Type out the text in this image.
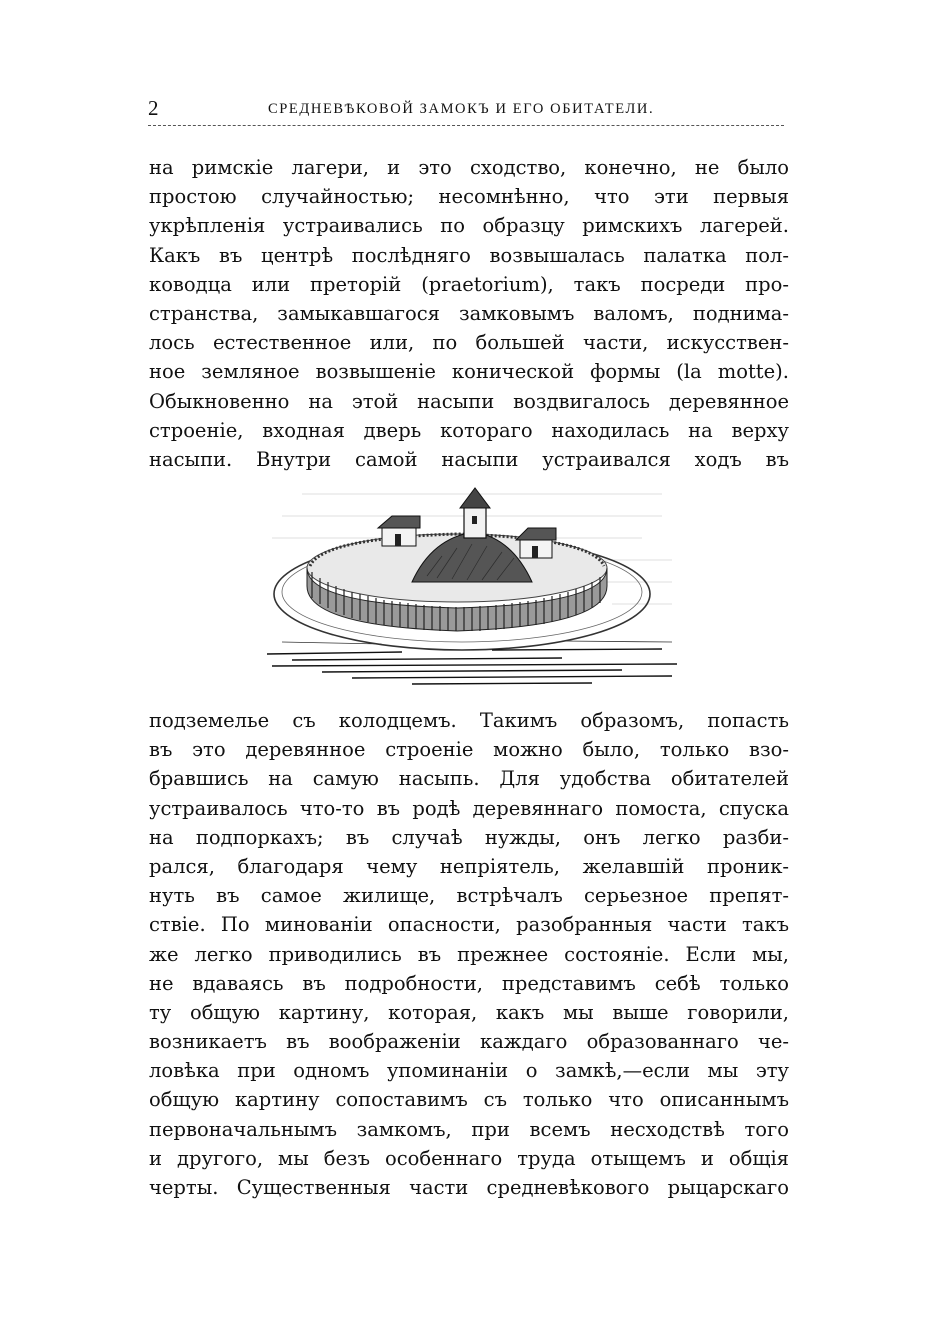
2	СРЕДНЕВѢКОВОЙ ЗАМОКЪ И ЕГО ОБИТАТЕЛИ.
на римскіе лагери, и это сходство, конечно, не было
простою случайностью; несомнѣнно, что эти первыя
укрѣпленія устраивались по образцу римскихъ лагерей.
Какъ въ центрѣ послѣдняго возвышалась палатка пол-
ководца или преторій (praetorium), такъ посреди про-
странства, замыкавшагося замковымъ валомъ, поднима-
лось естественное или, по большей части, искусствен-
ное земляное возвышеніе конической формы (la motte).
Обыкновенно на этой насыпи воздвигалось деревянное
строеніе, входная дверь котораго находилась на верху
насыпи. Внутри самой насыпи устраивался ходъ въ
подземелье съ колодцемъ. Такимъ образомъ, попасть
въ это деревянное строеніе можно было, только взо-
бравшись на самую насыпь. Для удобства обитателей
устраивалось что-то въ родѣ деревяннаго помоста, спуска
на подпоркахъ; въ случаѣ нужды, онъ легко разби-
рался, благодаря чему непріятель, желавшій проник-
нуть въ самое жилище, встрѣчалъ серьезное препят-
ствіе. По минованіи опасности, разобранныя части такъ
же легко приводились въ прежнее состояніе. Если мы,
не вдаваясь въ подробности, представимъ себѣ только
ту общую картину, которая, какъ мы выше говорили,
возникаетъ въ воображеніи каждаго образованнаго че-
ловѣка при одномъ упоминаніи о замкѣ,—если мы эту
общую картину сопоставимъ съ только что описаннымъ
первоначальнымъ замкомъ, при всемъ несходствѣ того
и другого, мы безъ особеннаго труда отыщемъ и общія
черты. Существенныя части средневѣкового рыцарскаго
